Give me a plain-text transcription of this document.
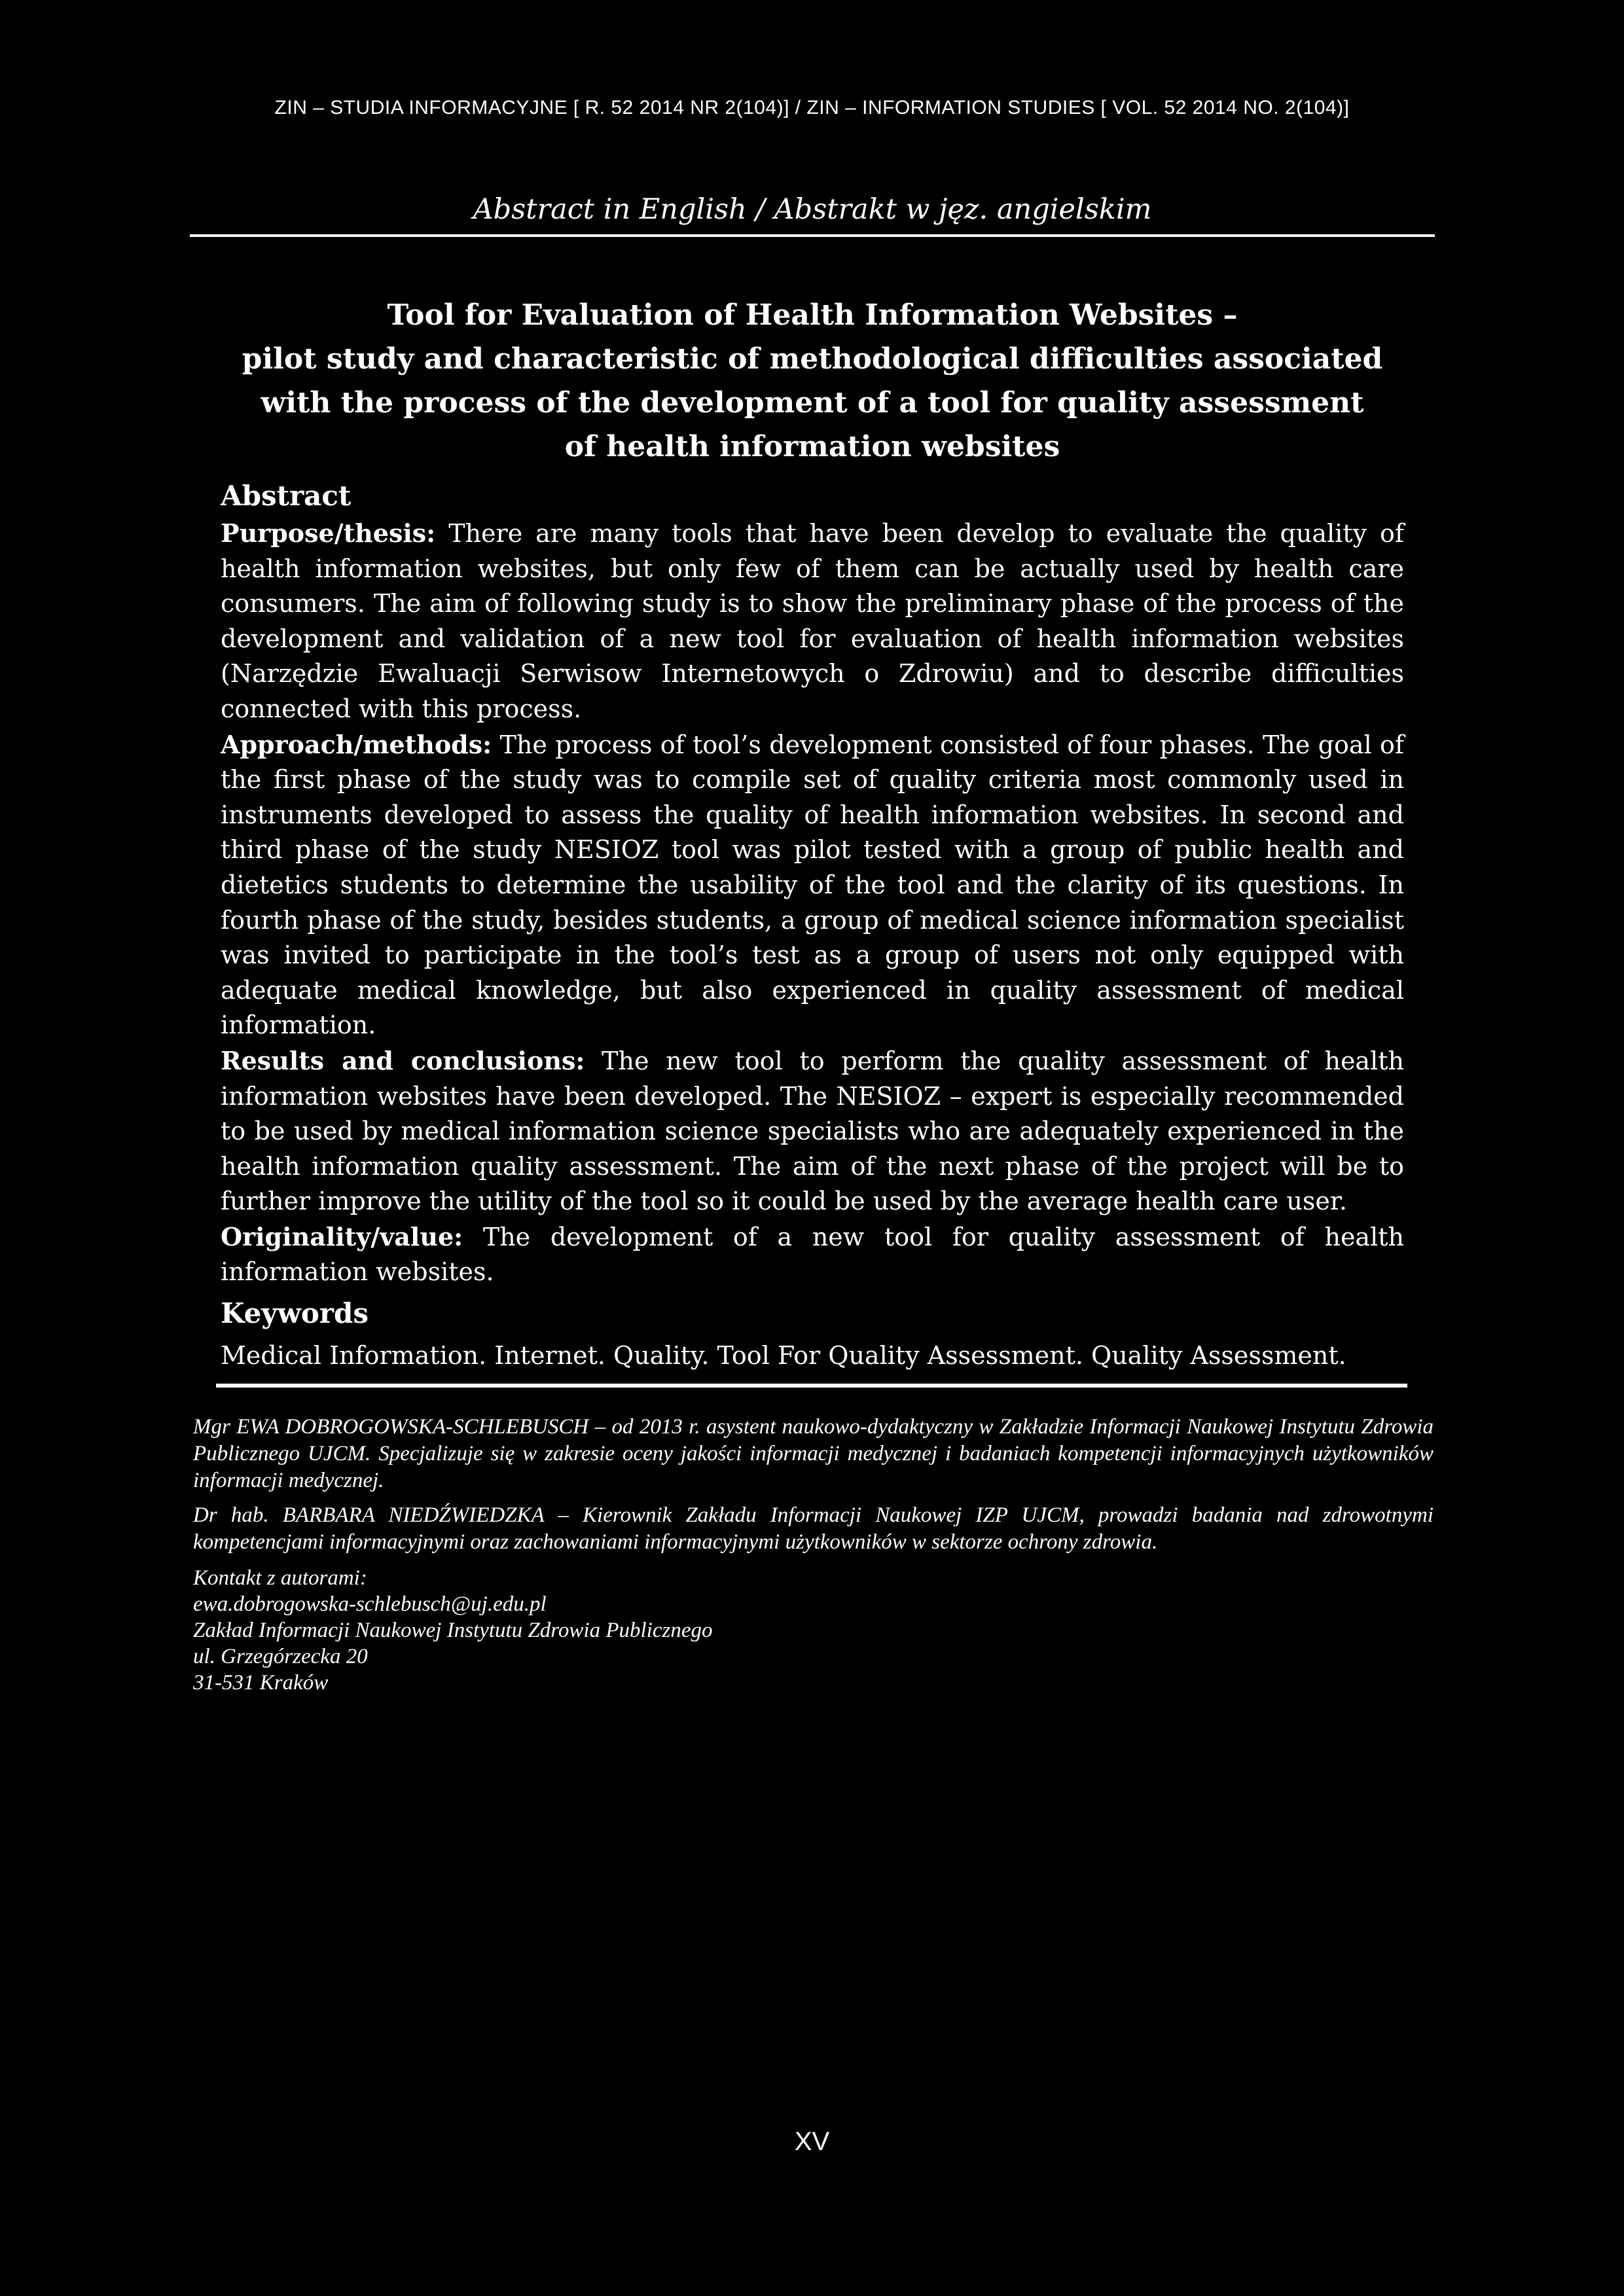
ZIN – STUDIA INFORMACYJNE [ R. 52 2014 NR 2(104)] / ZIN – INFORMATION STUDIES [ VOL. 52 2014 NO. 2(104)]
Abstract in English / Abstrakt w jęz. angielskim
Tool for Evaluation of Health Information Websites –
pilot study and characteristic of methodological difficulties associated
with the process of the development of a tool for quality assessment
of health information websites
Abstract

Purpose/thesis: There are many tools that have been develop to evaluate the quality of health information websites, but only few of them can be actually used by health care consumers. The aim of following study is to show the preliminary phase of the process of the development and validation of a new tool for evaluation of health information websites (Narzędzie Ewaluacji Serwisow Internetowych o Zdrowiu) and to describe difficulties connected with this process.

Approach/methods: The process of tool’s development consisted of four phases. The goal of the first phase of the study was to compile set of quality criteria most commonly used in instruments developed to assess the quality of health information websites. In second and third phase of the study NESIOZ tool was pilot tested with a group of public health and dietetics students to determine the usability of the tool and the clarity of its questions. In fourth phase of the study, besides students, a group of medical science information specialist was invited to participate in the tool’s test as a group of users not only equipped with adequate medical knowledge, but also experienced in quality assessment of medical information.

Results and conclusions: The new tool to perform the quality assessment of health information websites have been developed. The NESIOZ – expert is especially recommended to be used by medical information science specialists who are adequately experienced in the health information quality assessment. The aim of the next phase of the project will be to further improve the utility of the tool so it could be used by the average health care user.

Originality/value: The development of a new tool for quality assessment of health information websites.

Keywords

Medical Information. Internet. Quality. Tool For Quality Assessment. Quality Assessment.

Mgr EWA DOBROGOWSKA-SCHLEBUSCH – od 2013 r. asystent naukowo-dydaktyczny w Zakładzie Informacji Naukowej Instytutu Zdrowia Publicznego UJCM. Specjalizuje się w zakresie oceny jakości informacji medycznej i badaniach kompetencji informacyjnych użytkowników informacji medycznej.

Dr hab. BARBARA NIEDŹWIEDZKA – Kierownik Zakładu Informacji Naukowej IZP UJCM, prowadzi badania nad zdrowotnymi kompetencjami informacyjnymi oraz zachowaniami informacyjnymi użytkowników w sektorze ochrony zdrowia.

Kontakt z autorami:
ewa.dobrogowska-schlebusch@uj.edu.pl
Zakład Informacji Naukowej Instytutu Zdrowia Publicznego
ul. Grzegórzecka 20
31-531 Kraków
XV
